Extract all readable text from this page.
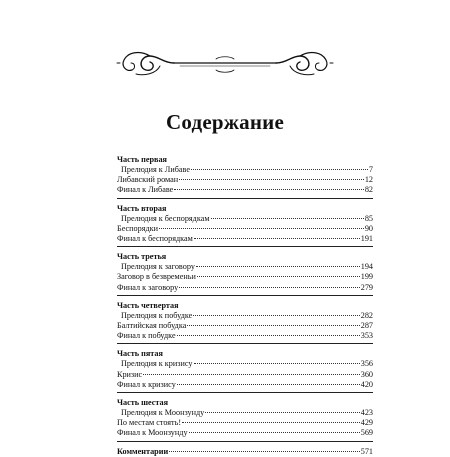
Содержание
Часть первая
Прелюдия к Либаве	7
Либавский роман	12
Финал к Либаве	82
Часть вторая
Прелюдия к беспорядкам	85
Беспорядки	90
Финал к беспорядкам	191
Часть третья
Прелюдия к заговору	194
Заговор в безвременьи	199
Финал к заговору	279
Часть четвертая
Прелюдия к побудке	282
Балтийская побудка	287
Финал к побудке	353
Часть пятая
Прелюдия к кризису	356
Кризис	360
Финал к кризису	420
Часть шестая
Прелюдия к Моонзунду	423
По местам стоять!	429
Финал к Моонзунду	569
Комментарии	571
